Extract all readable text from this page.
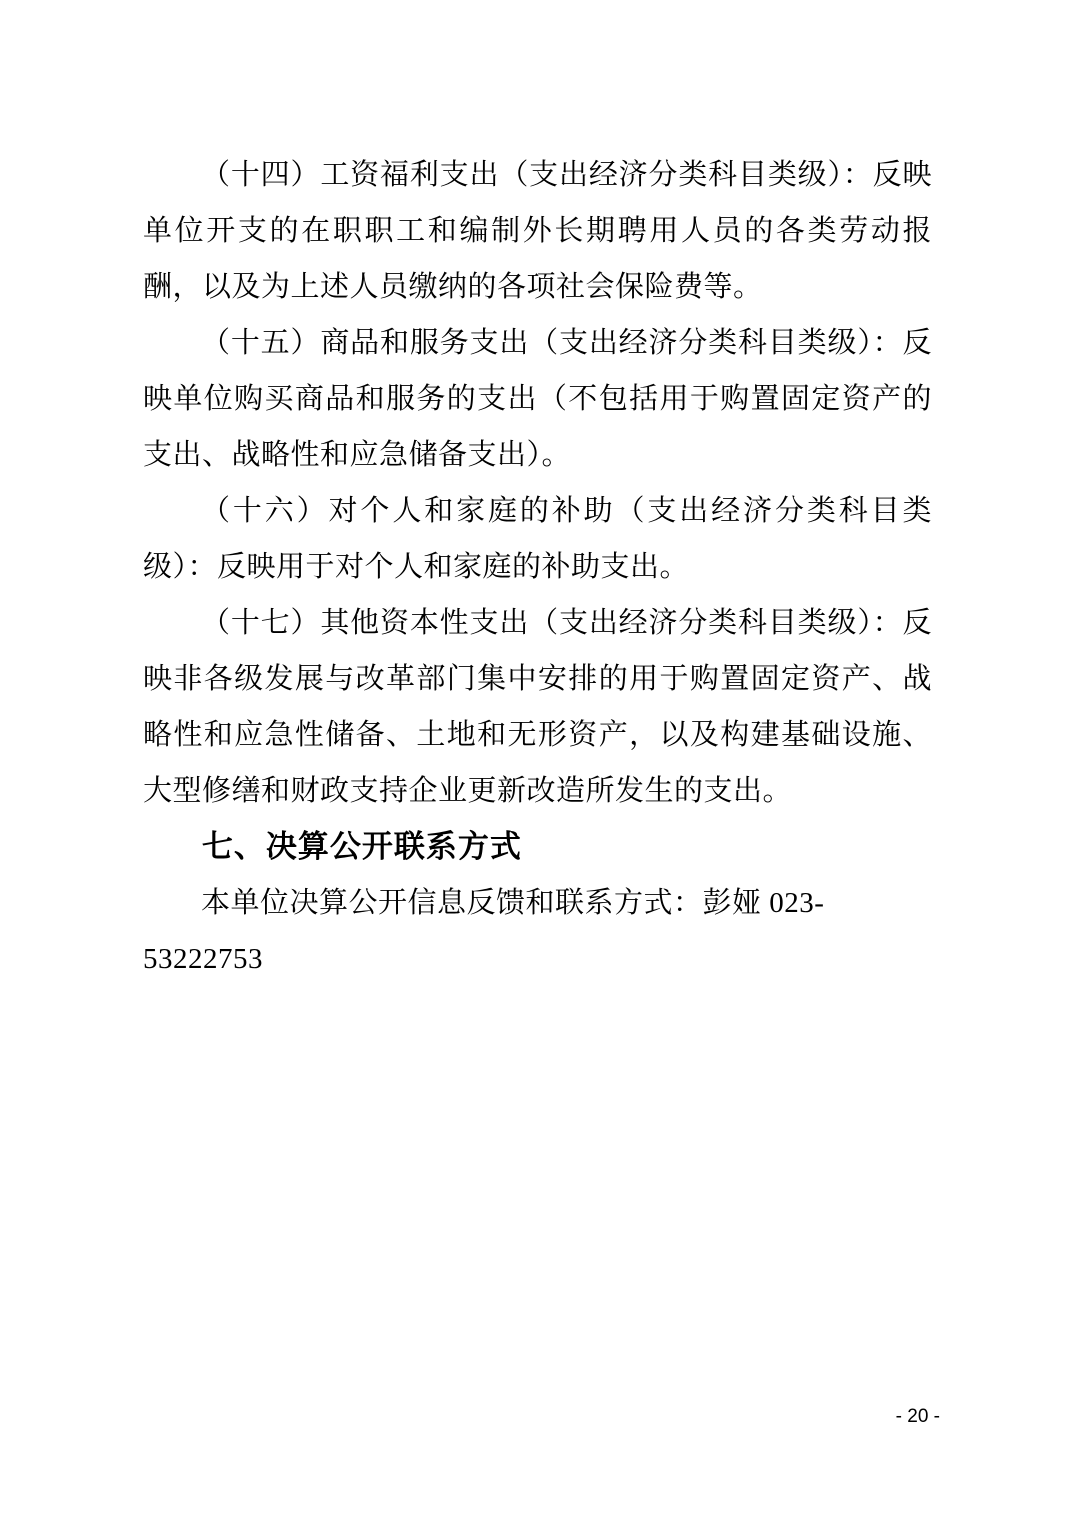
（十四）工资福利支出（支出经济分类科目类级）：反映单位开支的在职职工和编制外长期聘用人员的各类劳动报酬，以及为上述人员缴纳的各项社会保险费等。

（十五）商品和服务支出（支出经济分类科目类级）：反映单位购买商品和服务的支出（不包括用于购置固定资产的支出、战略性和应急储备支出）。

（十六）对个人和家庭的补助（支出经济分类科目类级）：反映用于对个人和家庭的补助支出。

（十七）其他资本性支出（支出经济分类科目类级）：反映非各级发展与改革部门集中安排的用于购置固定资产、战略性和应急性储备、土地和无形资产，以及构建基础设施、大型修缮和财政支持企业更新改造所发生的支出。

七、决算公开联系方式

本单位决算公开信息反馈和联系方式：彭娅 023-53222753

- 20 -
